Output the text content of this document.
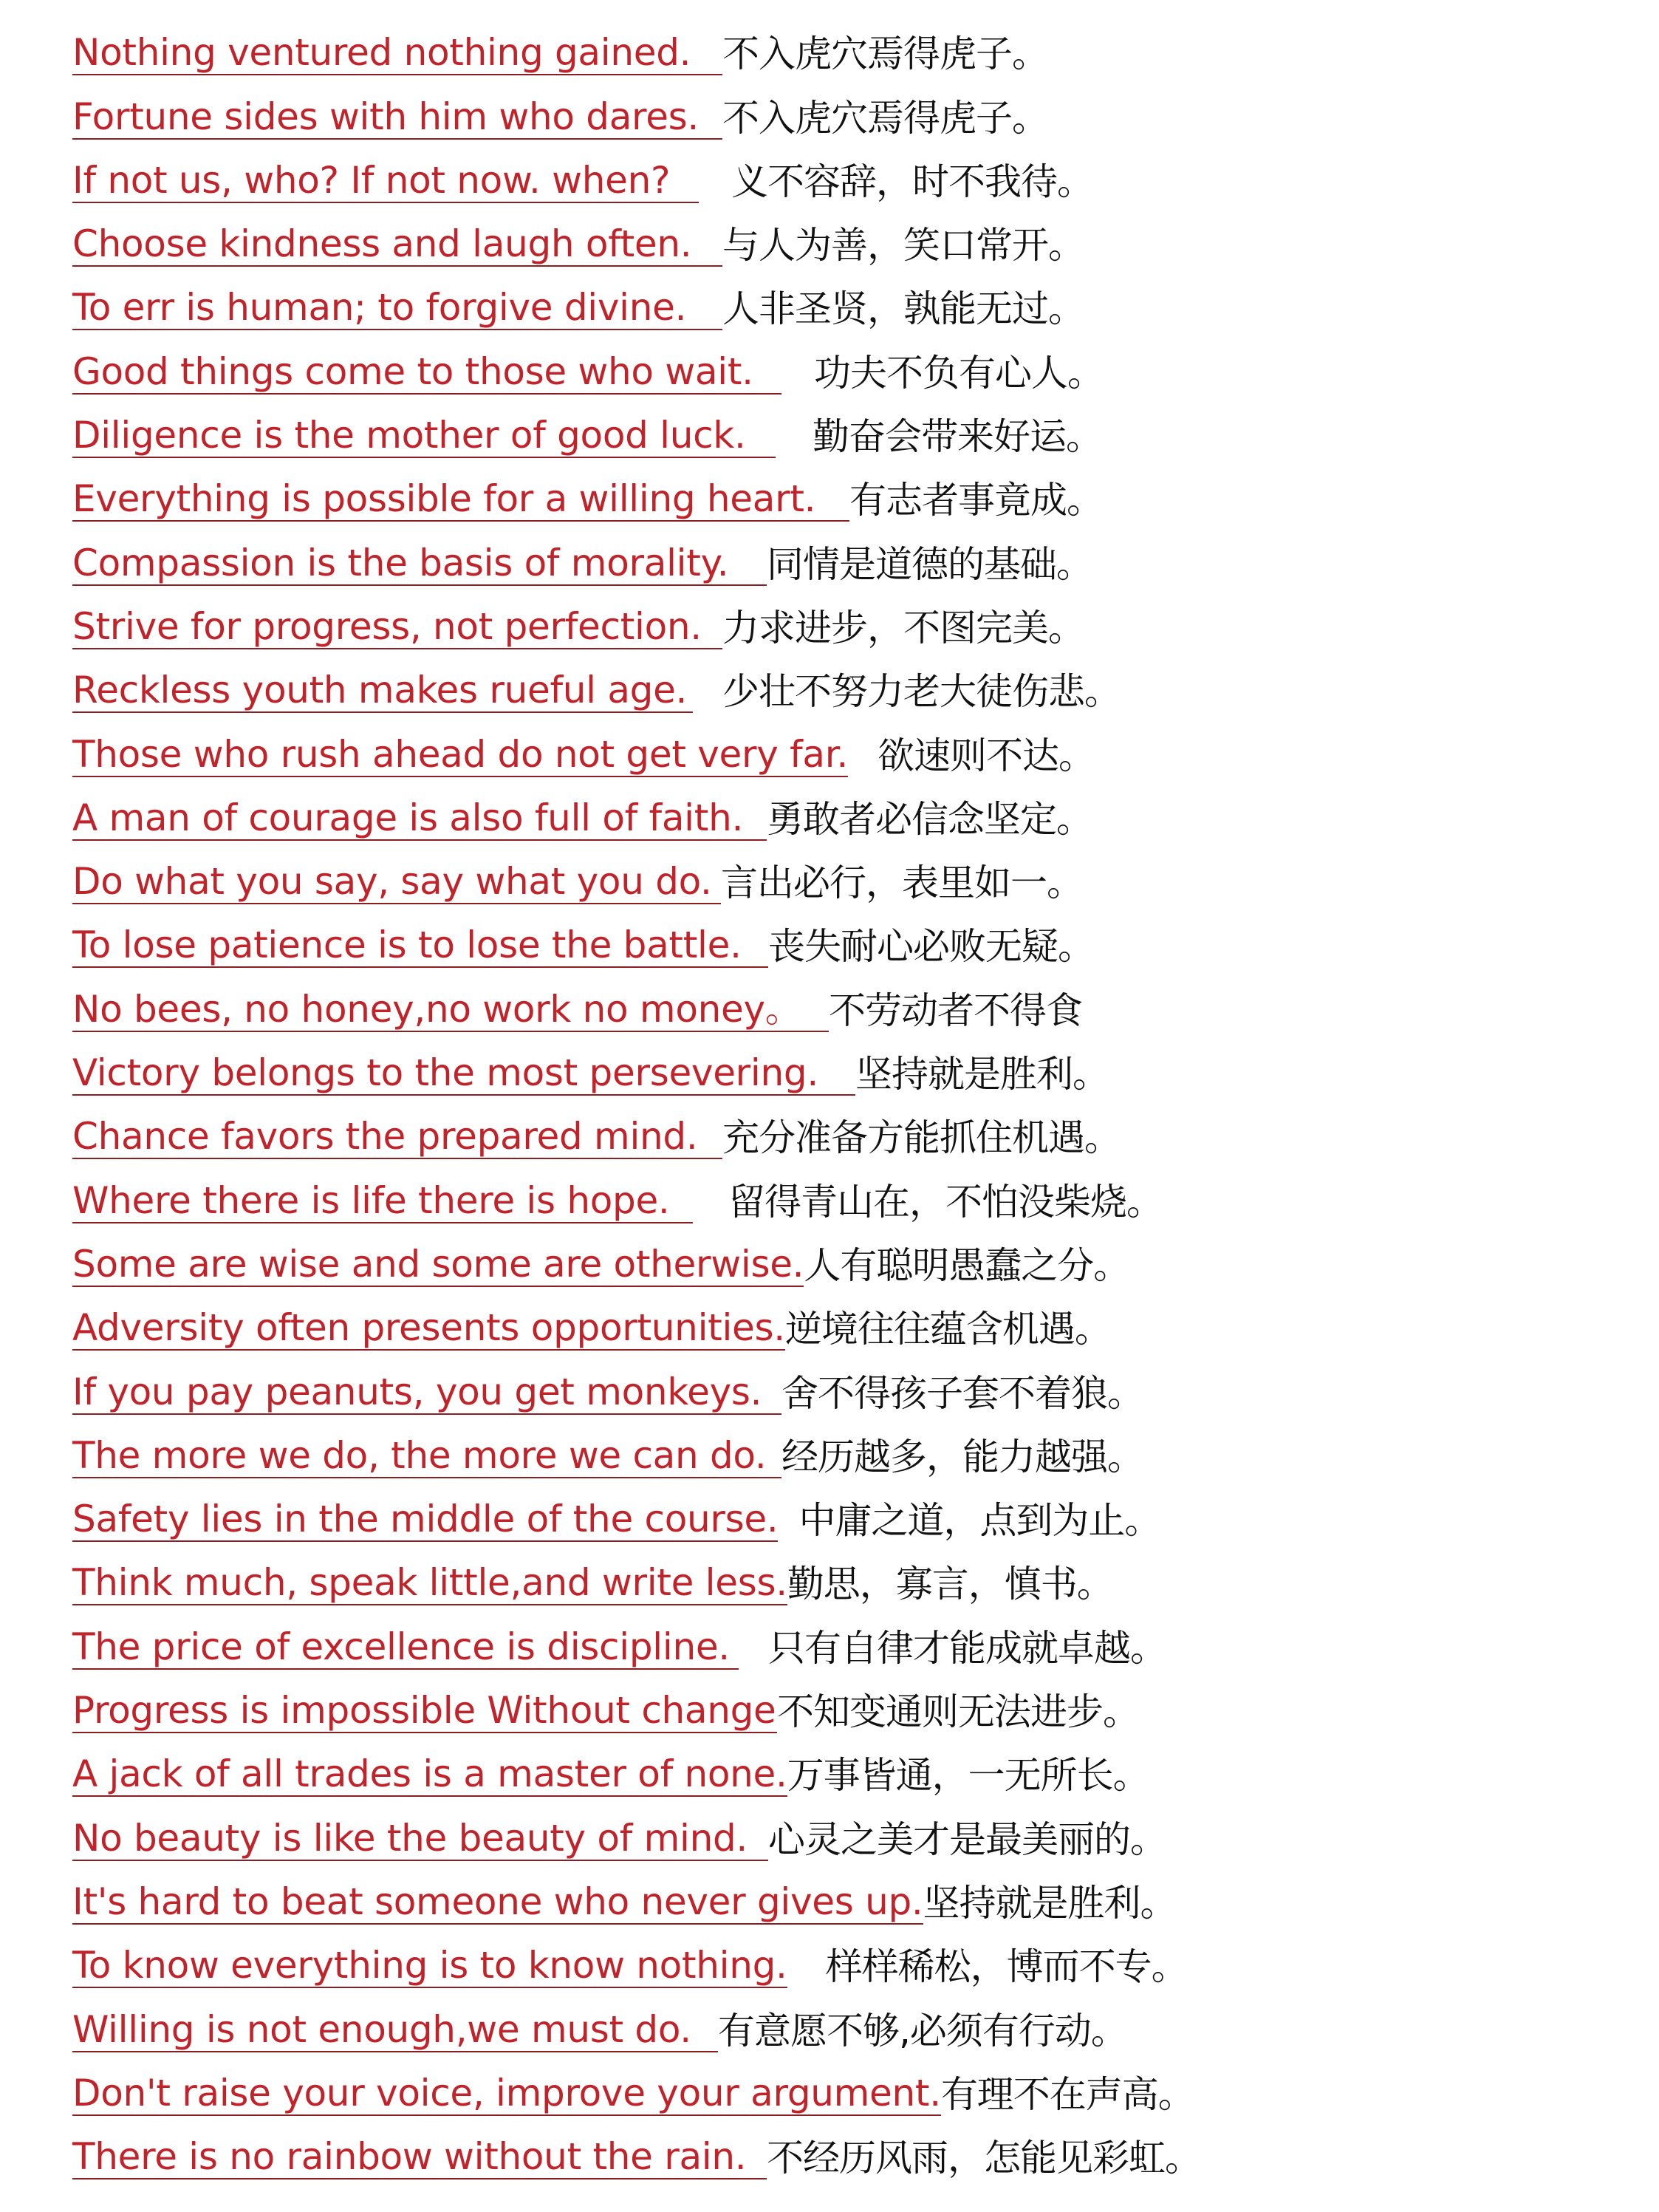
Nothing ventured nothing gained. 不入虎穴焉得虎子。
Fortune sides with him who dares. 不入虎穴焉得虎子。
If not us, who? If not now. when?	义不容辞，时不我待。
Choose kindness and laugh often. 与人为善，笑口常开。
To err is human; to forgive divine. 人非圣贤，孰能无过。
Good things come to those who wait.	功夫不负有心人。
Diligence is the mother of good luck.	勤奋会带来好运。
Everything is possible for a willing heart. 有志者事竟成。
Compassion is the basis of morality.	同情是道德的基础。
Strive for progress, not perfection. 力求进步，不图完美。
Reckless youth makes rueful age. 少壮不努力老大徒伤悲。
Those who rush ahead do not get very far. 欲速则不达。
A man of courage is also full of faith. 勇敢者必信念坚定。
Do what you say, say what you do. 言出必行，表里如一。
To lose patience is to lose the battle. 丧失耐心必败无疑。
No bees, no honey,no work no money。 不劳动者不得食
Victory belongs to the most persevering.	坚持就是胜利。
Chance favors the prepared mind. 充分准备方能抓住机遇。
Where there is life there is hope.	留得青山在，不怕没柴烧。
Some are wise and some are otherwise. 人有聪明愚蠢之分。
Adversity often presents opportunities. 逆境往往蕴含机遇。
If you pay peanuts, you get monkeys. 舍不得孩子套不着狼。
The more we do, the more we can do. 经历越多，能力越强。
Safety lies in the middle of the course. 中庸之道，点到为止。
Think much, speak little,and write less. 勤思，寡言，慎书。
The price of excellence is discipline. 只有自律才能成就卓越。
Progress is impossible Without change 不知变通则无法进步。
A jack of all trades is a master of none. 万事皆通，一无所长。
No beauty is like the beauty of mind. 心灵之美才是最美丽的。
It's hard to beat someone who never gives up. 坚持就是胜利。
To know everything is to know nothing. 样样稀松，博而不专。
Willing is not enough,we must do. 有意愿不够,必须有行动。
Don't raise your voice, improve your argument. 有理不在声高。
There is no rainbow without the rain. 不经历风雨，怎能见彩虹。
